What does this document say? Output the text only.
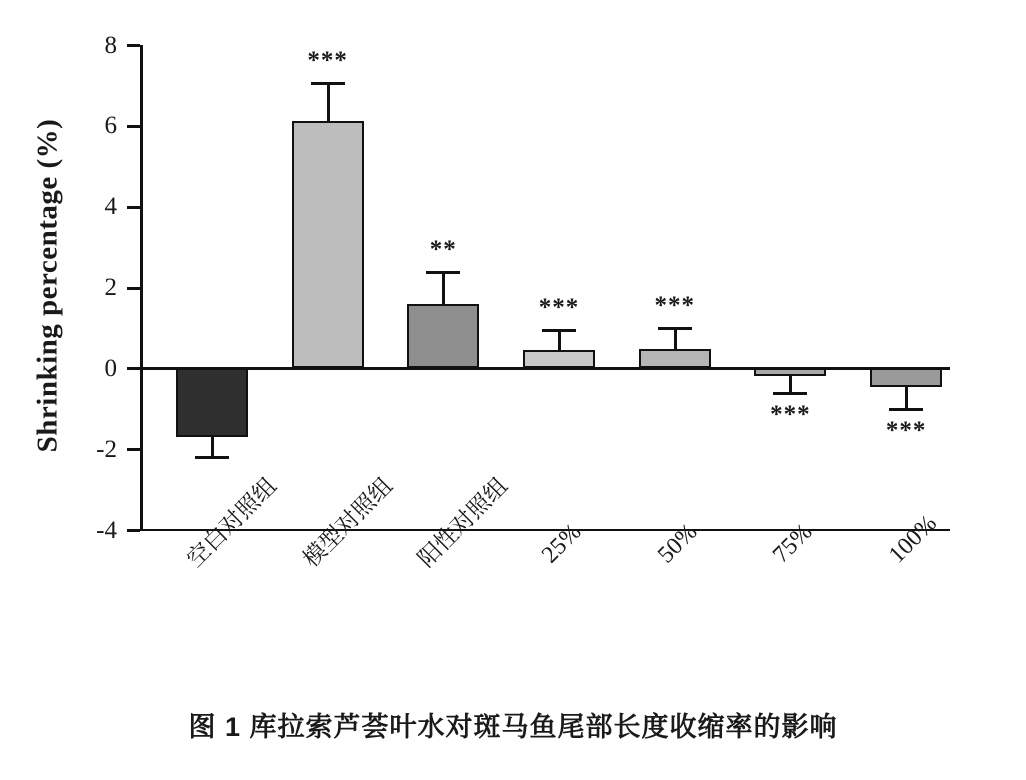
Shrinking percentage (%)
-4
-2
0
2
4
6
8
***
**
***	***
***
***
空白对照组 模型对照组 阳性对照组 25%	50%	75%	100%
图 1 库拉索芦荟叶水对斑马鱼尾部长度收缩率的影响
